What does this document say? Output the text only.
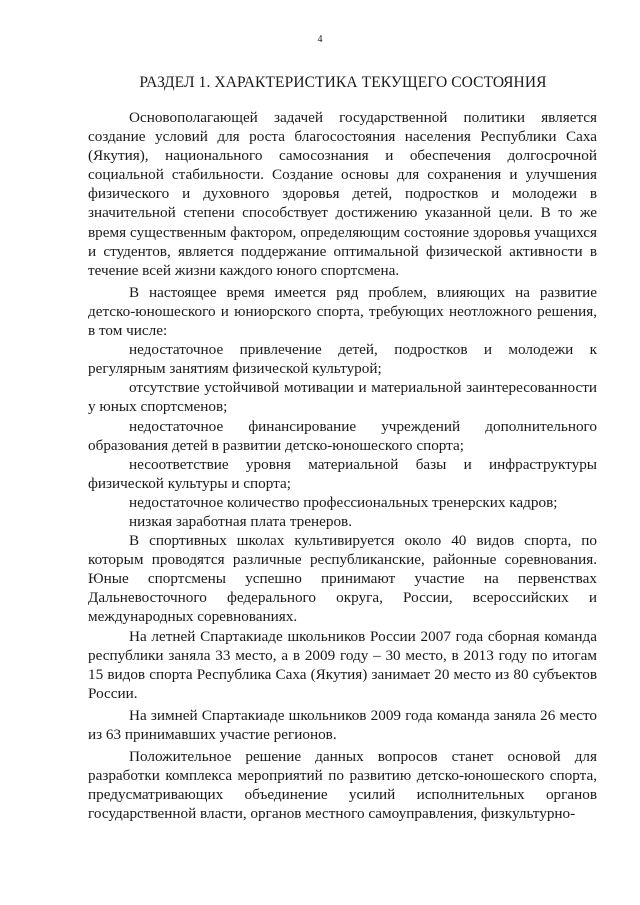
4

РАЗДЕЛ 1. ХАРАКТЕРИСТИКА ТЕКУЩЕГО СОСТОЯНИЯ

Основополагающей задачей государственной политики является создание условий для роста благосостояния населения Республики Саха (Якутия), национального самосознания и обеспечения долгосрочной социальной стабильности. Создание основы для сохранения и улучшения физического и духовного здоровья детей, подростков и молодежи в значительной степени способствует достижению указанной цели. В то же время существенным фактором, определяющим состояние здоровья учащихся и студентов, является поддержание оптимальной физической активности в течение всей жизни каждого юного спортсмена.

В настоящее время имеется ряд проблем, влияющих на развитие детско-юношеского и юниорского спорта, требующих неотложного решения, в том числе:

недостаточное привлечение детей, подростков и молодежи к регулярным занятиям физической культурой;

отсутствие устойчивой мотивации и материальной заинтересованности у юных спортсменов;

недостаточное финансирование учреждений дополнительного образования детей в развитии детско-юношеского спорта;

несоответствие уровня материальной базы и инфраструктуры физической культуры и спорта;

недостаточное количество профессиональных тренерских кадров;

низкая заработная плата тренеров.

В спортивных школах культивируется около 40 видов спорта, по которым проводятся различные республиканские, районные соревнования. Юные спортсмены успешно принимают участие на первенствах Дальневосточного федерального округа, России, всероссийских и международных соревнованиях.

На летней Спартакиаде школьников России 2007 года сборная команда республики заняла 33 место, а в 2009 году – 30 место, в 2013 году по итогам 15 видов спорта Республика Саха (Якутия) занимает 20 место из 80 субъектов России.

На зимней Спартакиаде школьников 2009 года команда заняла 26 место из 63 принимавших участие регионов.

Положительное решение данных вопросов станет основой для разработки комплекса мероприятий по развитию детско-юношеского спорта, предусматривающих объединение усилий исполнительных органов государственной власти, органов местного самоуправления, физкультурно-
